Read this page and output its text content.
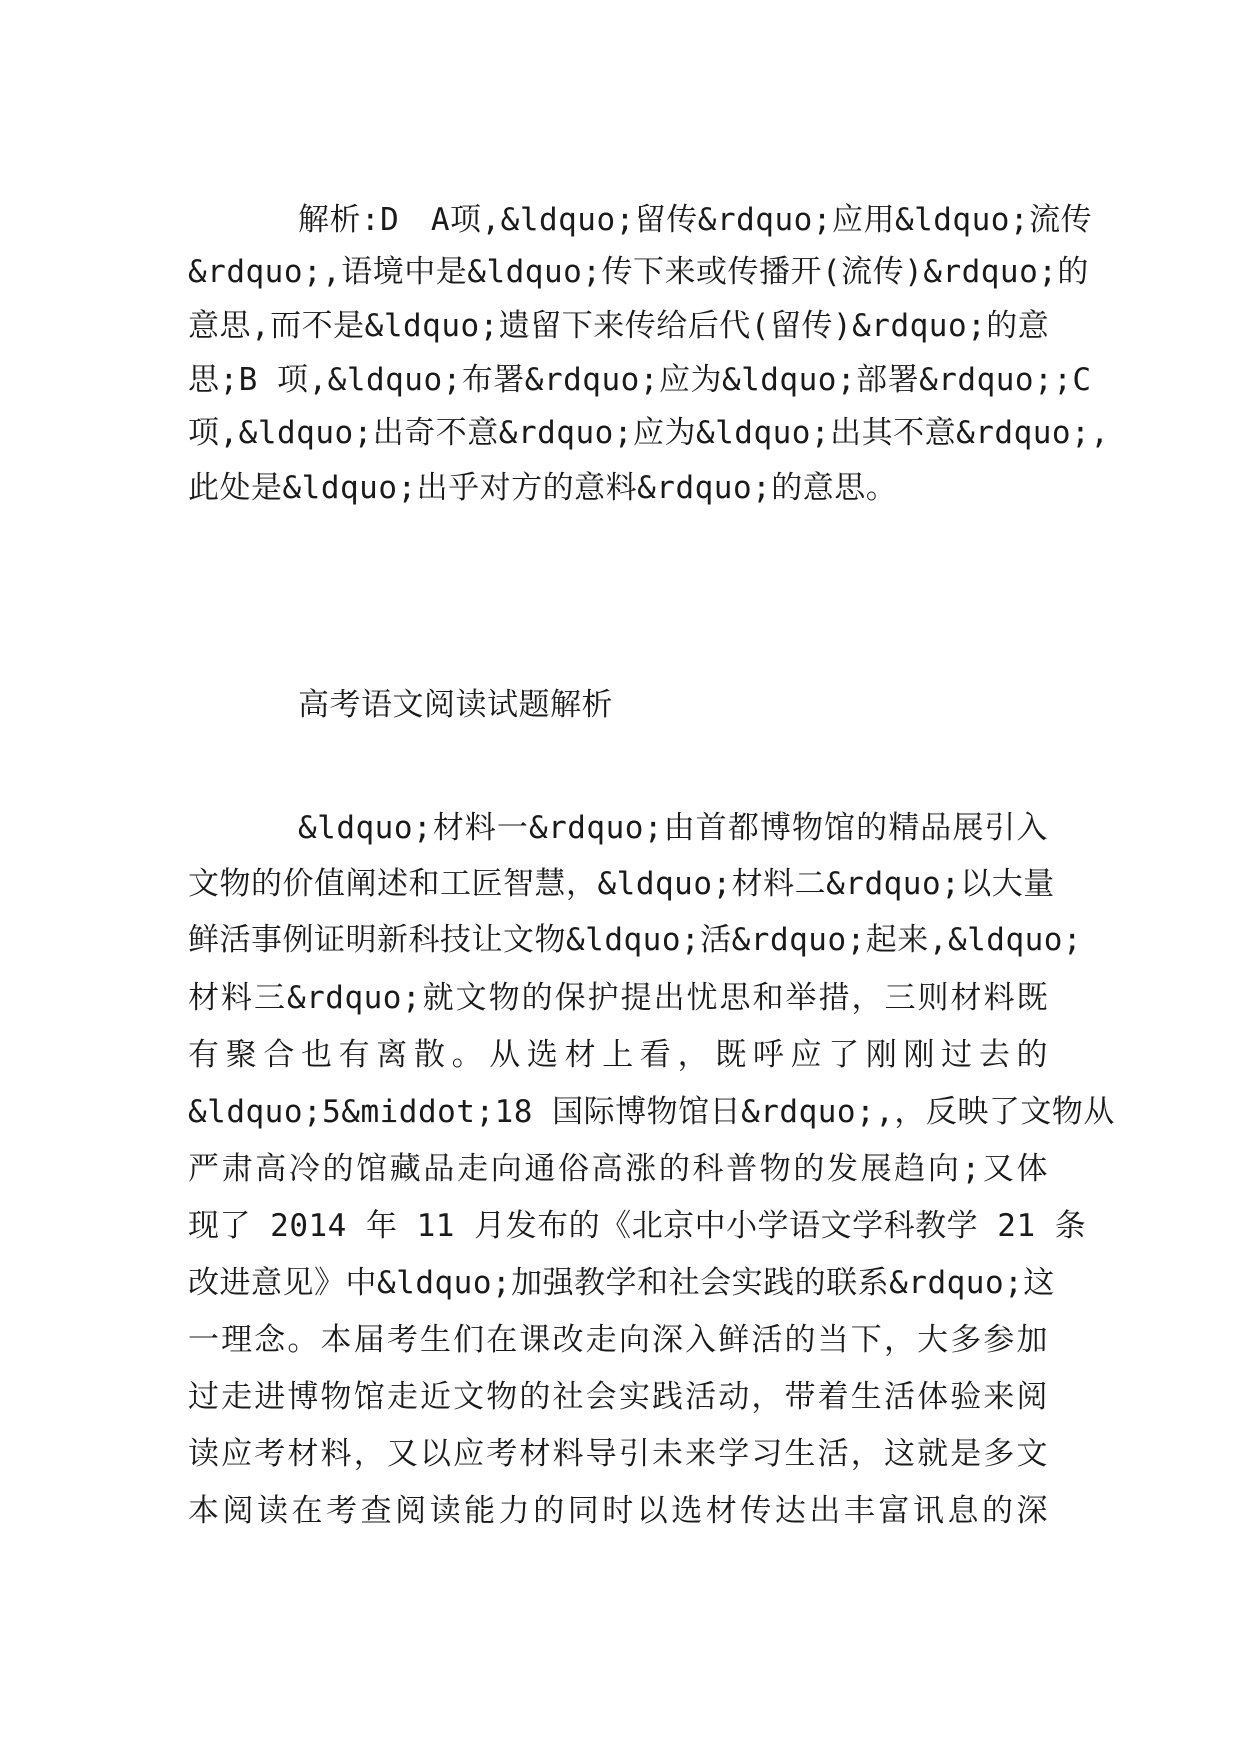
解析:D　A项,&ldquo;留传&rdquo;应用&ldquo;流传
&rdquo;,语境中是&ldquo;传下来或传播开(流传)&rdquo;的
意思,而不是&ldquo;遗留下来传给后代(留传)&rdquo;的意
思;B 项,&ldquo;布署&rdquo;应为&ldquo;部署&rdquo;;C
项,&ldquo;出奇不意&rdquo;应为&ldquo;出其不意&rdquo;,
此处是&ldquo;出乎对方的意料&rdquo;的意思。
高考语文阅读试题解析
&ldquo;材料一&rdquo;由首都博物馆的精品展引入
文物的价值阐述和工匠智慧，&ldquo;材料二&rdquo;以大量
鲜活事例证明新科技让文物&ldquo;活&rdquo;起来,&ldquo;
材料三&rdquo;就文物的保护提出忧思和举措，三则材料既
有聚合也有离散。从选材上看，既呼应了刚刚过去的
&ldquo;5&middot;18 国际博物馆日&rdquo;,，反映了文物从
严肃高冷的馆藏品走向通俗高涨的科普物的发展趋向;又体
现了 2014 年 11 月发布的《北京中小学语文学科教学 21 条
改进意见》中&ldquo;加强教学和社会实践的联系&rdquo;这
一理念。本届考生们在课改走向深入鲜活的当下，大多参加
过走进博物馆走近文物的社会实践活动，带着生活体验来阅
读应考材料，又以应考材料导引未来学习生活，这就是多文
本阅读在考查阅读能力的同时以选材传达出丰富讯息的深
